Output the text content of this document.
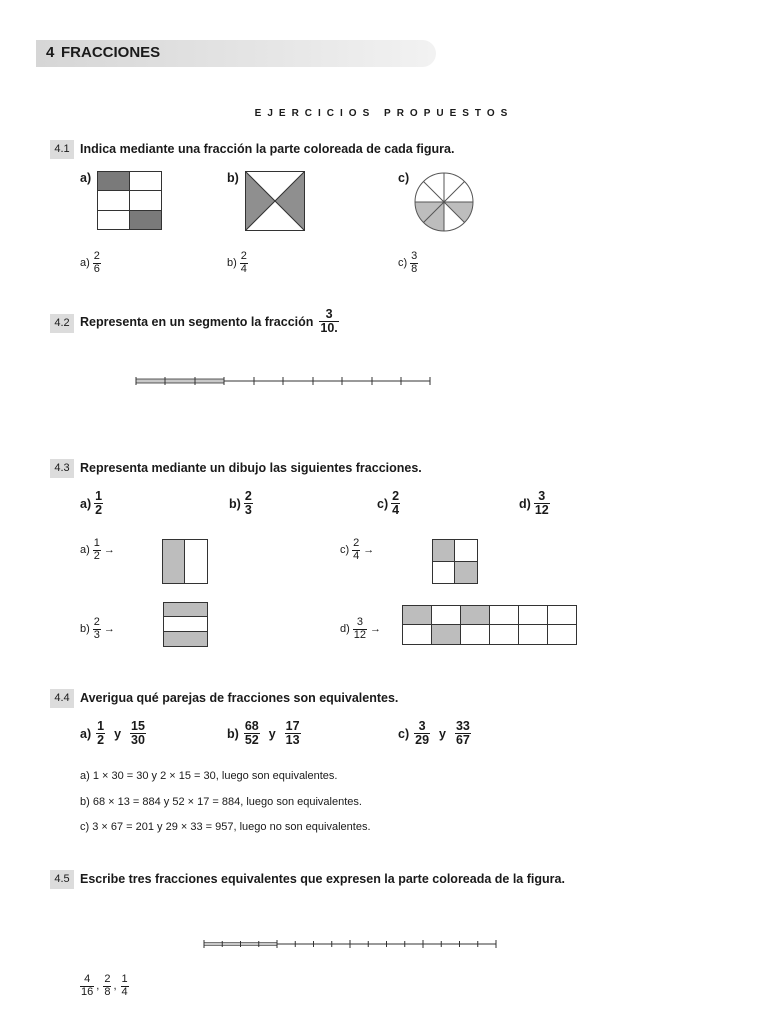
4 FRACCIONES
EJERCICIOS PROPUESTOS
4.1 Indica mediante una fracción la parte coloreada de cada figura.
a)	b)	c)
$a) \frac{2}{6}$	$b) \frac{2}{4}$	$c) \frac{3}{8}$
4.2 Representa en un segmento la fracción $\frac{3}{10.}$
4.3 Representa mediante un dibujo las siguientes fracciones.
$a) \frac{1}{2}$	$b) \frac{2}{3}$	$c) \frac{2}{4}$	$d) \frac{3}{12}$
$a) \frac{1}{2}$ →	$c) \frac{2}{4}$ →
$b) \frac{2}{3}$ →	$d) \frac{3}{12}$ →
4.4 Averigua qué parejas de fracciones son equivalentes.
$a) \frac{1}{2}$ y $\frac{15}{30}$	$b) \frac{68}{52}$ y $\frac{17}{13}$	$c) \frac{3}{29}$ y $\frac{33}{67}$
a) 1 × 30 = 30 y 2 × 15 = 30, luego son equivalentes.
b) 68 × 13 = 884 y 52 × 17 = 884, luego son equivalentes.
c) 3 × 67 = 201 y 29 × 33 = 957, luego no son equivalentes.
4.5 Escribe tres fracciones equivalentes que expresen la parte coloreada de la figura.
$\frac{4}{16}$ , $\frac{2}{8}$ , $\frac{1}{4}$
